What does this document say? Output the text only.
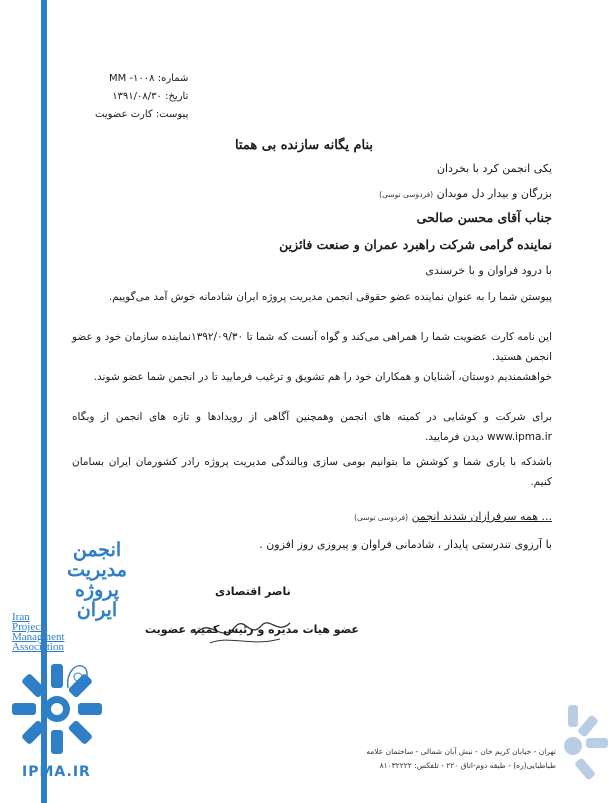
شماره: ۱۰۰۸- MM
تاریخ: ۱۳۹۱/۰۸/۳۰
پیوست: کارت عضویت
بنام یگانه سازنده بی همتا
یکی انجمن کرد با بخردان
بزرگان و بیدار دل موبدان (فردوسی توسی)
جناب آقای محسن صالحی
نماینده گرامی شرکت راهبرد عمران و صنعت فائزین
با درود فراوان و با خرسندی
پیوستن شما را به عنوان نماینده عضو حقوقی انجمن مدیریت پروژه ایران شادمانه خوش آمد می‌گوییم.
این نامه کارت عضویت شما را همراهی می‌کند و گواه آنست که شما تا ۱۳۹۲/۰۹/۳۰نماینده سازمان خود و عضو انجمن هستید.
خواهشمندیم دوستان، آشنایان و همکاران خود را هم تشویق و ترغیب فرمایید تا در انجمن شما عضو شوند.
برای شرکت و کوشایی در کمیته های انجمن وهمچنین آگاهی از رویدادها و تازه های انجمن از وبگاه www.ipma.ir دیدن فرمایید.
باشدکه با یاری شما و کوشش ما بتوانیم بومی سازی وبالندگی مدیریت پروژه رادر کشورمان ایران بسامان کنیم.
... همه سرفرازان شدند انجمن (فردوسی توسی)
با آرزوی تندرستی پایدار ، شادمانی فراوان و پیروزی روز افزون .
ناصر اقتصادی
عضو هیات مدیره و رئیس کمیته عضویت
انجمن
مدیریت
پروژه
ایران
Iran
Project
Managment
Association
IPMA.IR
تهران - خیابان کریم خان - نبش آبان شمالی - ساختمان علامه
طباطبایی(ره) - طبقه دوم-اتاق ۲۲۰ - تلفکس: ۸۱۰۳۲۲۲۲
